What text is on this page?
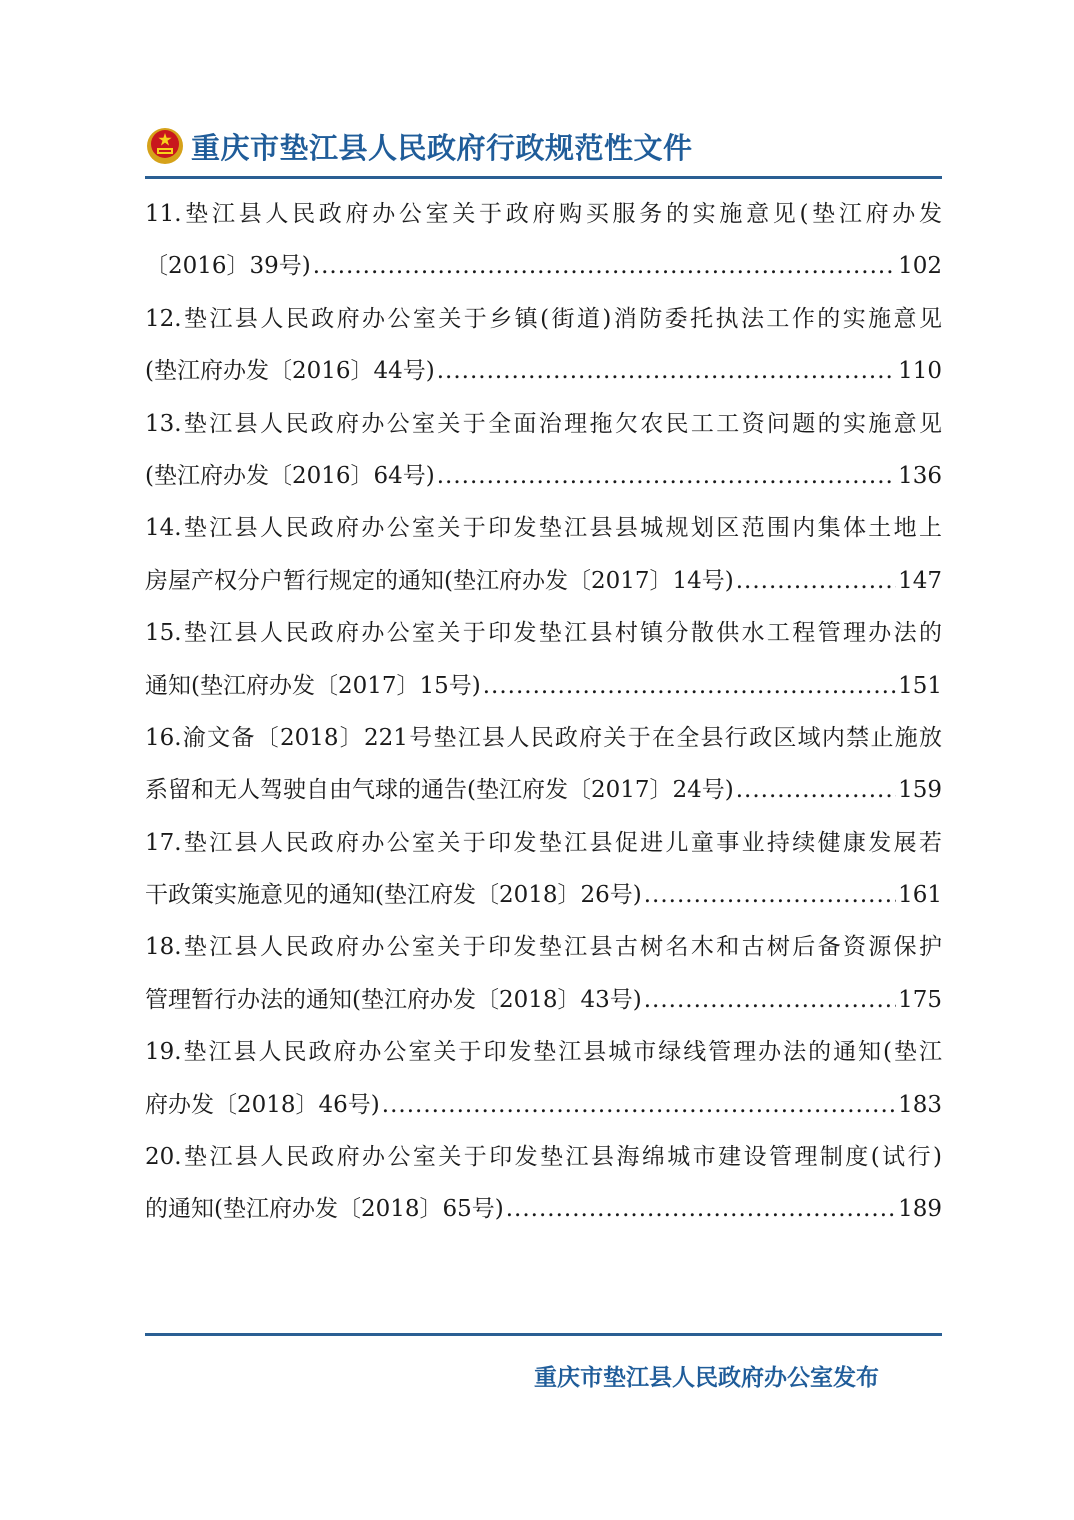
重庆市垫江县人民政府行政规范性文件
11.垫江县人民政府办公室关于政府购买服务的实施意见(垫江府办发
〔2016〕39号) .....	102
12.垫江县人民政府办公室关于乡镇(街道)消防委托执法工作的实施意见
(垫江府办发〔2016〕44号) .....	110
13.垫江县人民政府办公室关于全面治理拖欠农民工工资问题的实施意见
(垫江府办发〔2016〕64号) .....	136
14.垫江县人民政府办公室关于印发垫江县县城规划区范围内集体土地上
房屋产权分户暂行规定的通知(垫江府办发〔2017〕14号) .....	147
15.垫江县人民政府办公室关于印发垫江县村镇分散供水工程管理办法的
通知(垫江府办发〔2017〕15号) .....	151
16.渝文备〔2018〕221号垫江县人民政府关于在全县行政区域内禁止施放
系留和无人驾驶自由气球的通告(垫江府发〔2017〕24号) .....	159
17.垫江县人民政府办公室关于印发垫江县促进儿童事业持续健康发展若
干政策实施意见的通知(垫江府发〔2018〕26号) .....	161
18.垫江县人民政府办公室关于印发垫江县古树名木和古树后备资源保护
管理暂行办法的通知(垫江府办发〔2018〕43号) .....	175
19.垫江县人民政府办公室关于印发垫江县城市绿线管理办法的通知(垫江
府办发〔2018〕46号) .....	183
20.垫江县人民政府办公室关于印发垫江县海绵城市建设管理制度(试行)
的通知(垫江府办发〔2018〕65号) .....	189
重庆市垫江县人民政府办公室发布
